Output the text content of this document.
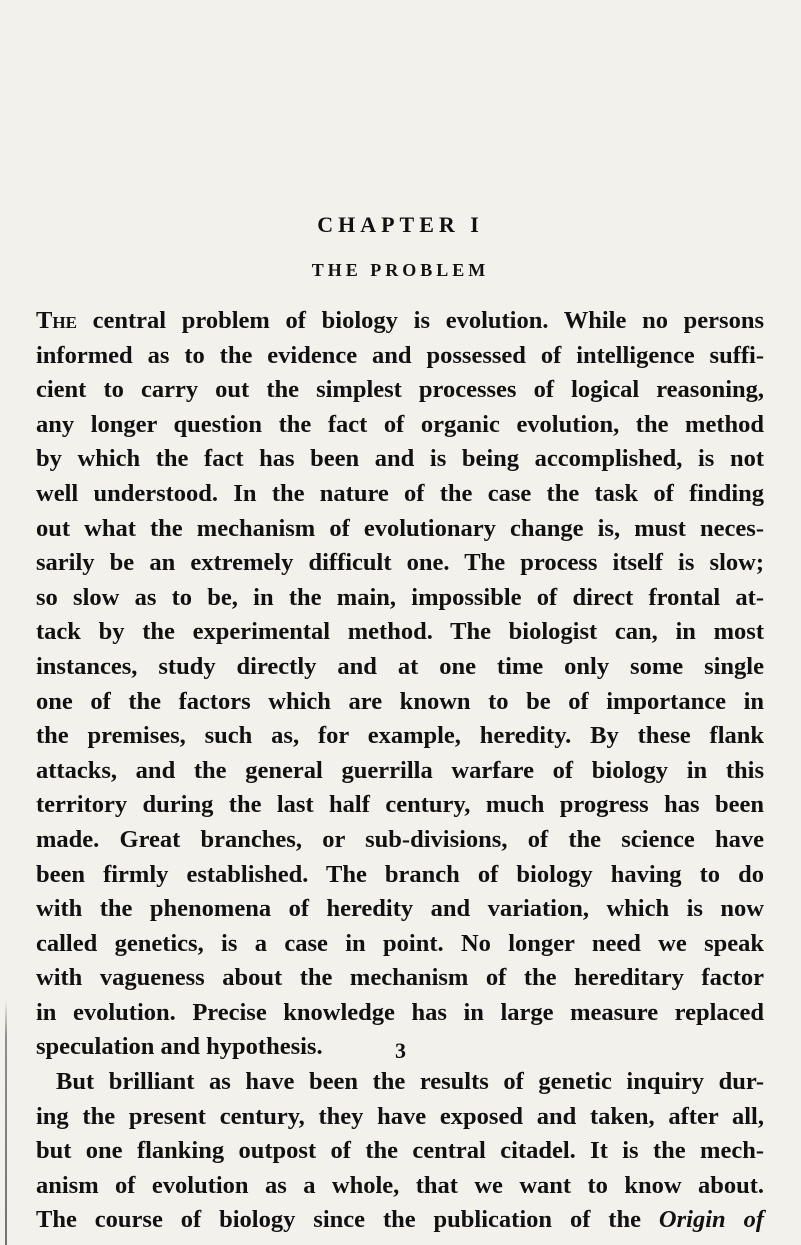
CHAPTER I
THE PROBLEM
The central problem of biology is evolution. While no persons
informed as to the evidence and possessed of intelligence suffi-
cient to carry out the simplest processes of logical reasoning,
any longer question the fact of organic evolution, the method
by which the fact has been and is being accomplished, is not
well understood. In the nature of the case the task of finding
out what the mechanism of evolutionary change is, must neces-
sarily be an extremely difficult one. The process itself is slow;
so slow as to be, in the main, impossible of direct frontal at-
tack by the experimental method. The biologist can, in most
instances, study directly and at one time only some single
one of the factors which are known to be of importance in
the premises, such as, for example, heredity. By these flank
attacks, and the general guerrilla warfare of biology in this
territory during the last half century, much progress has been
made. Great branches, or sub-divisions, of the science have
been firmly established. The branch of biology having to do
with the phenomena of heredity and variation, which is now
called genetics, is a case in point. No longer need we speak
with vagueness about the mechanism of the hereditary factor
in evolution. Precise knowledge has in large measure replaced
speculation and hypothesis.
But brilliant as have been the results of genetic inquiry dur-
ing the present century, they have exposed and taken, after all,
but one flanking outpost of the central citadel. It is the mech-
anism of evolution as a whole, that we want to know about.
The course of biology since the publication of the Origin of
3
